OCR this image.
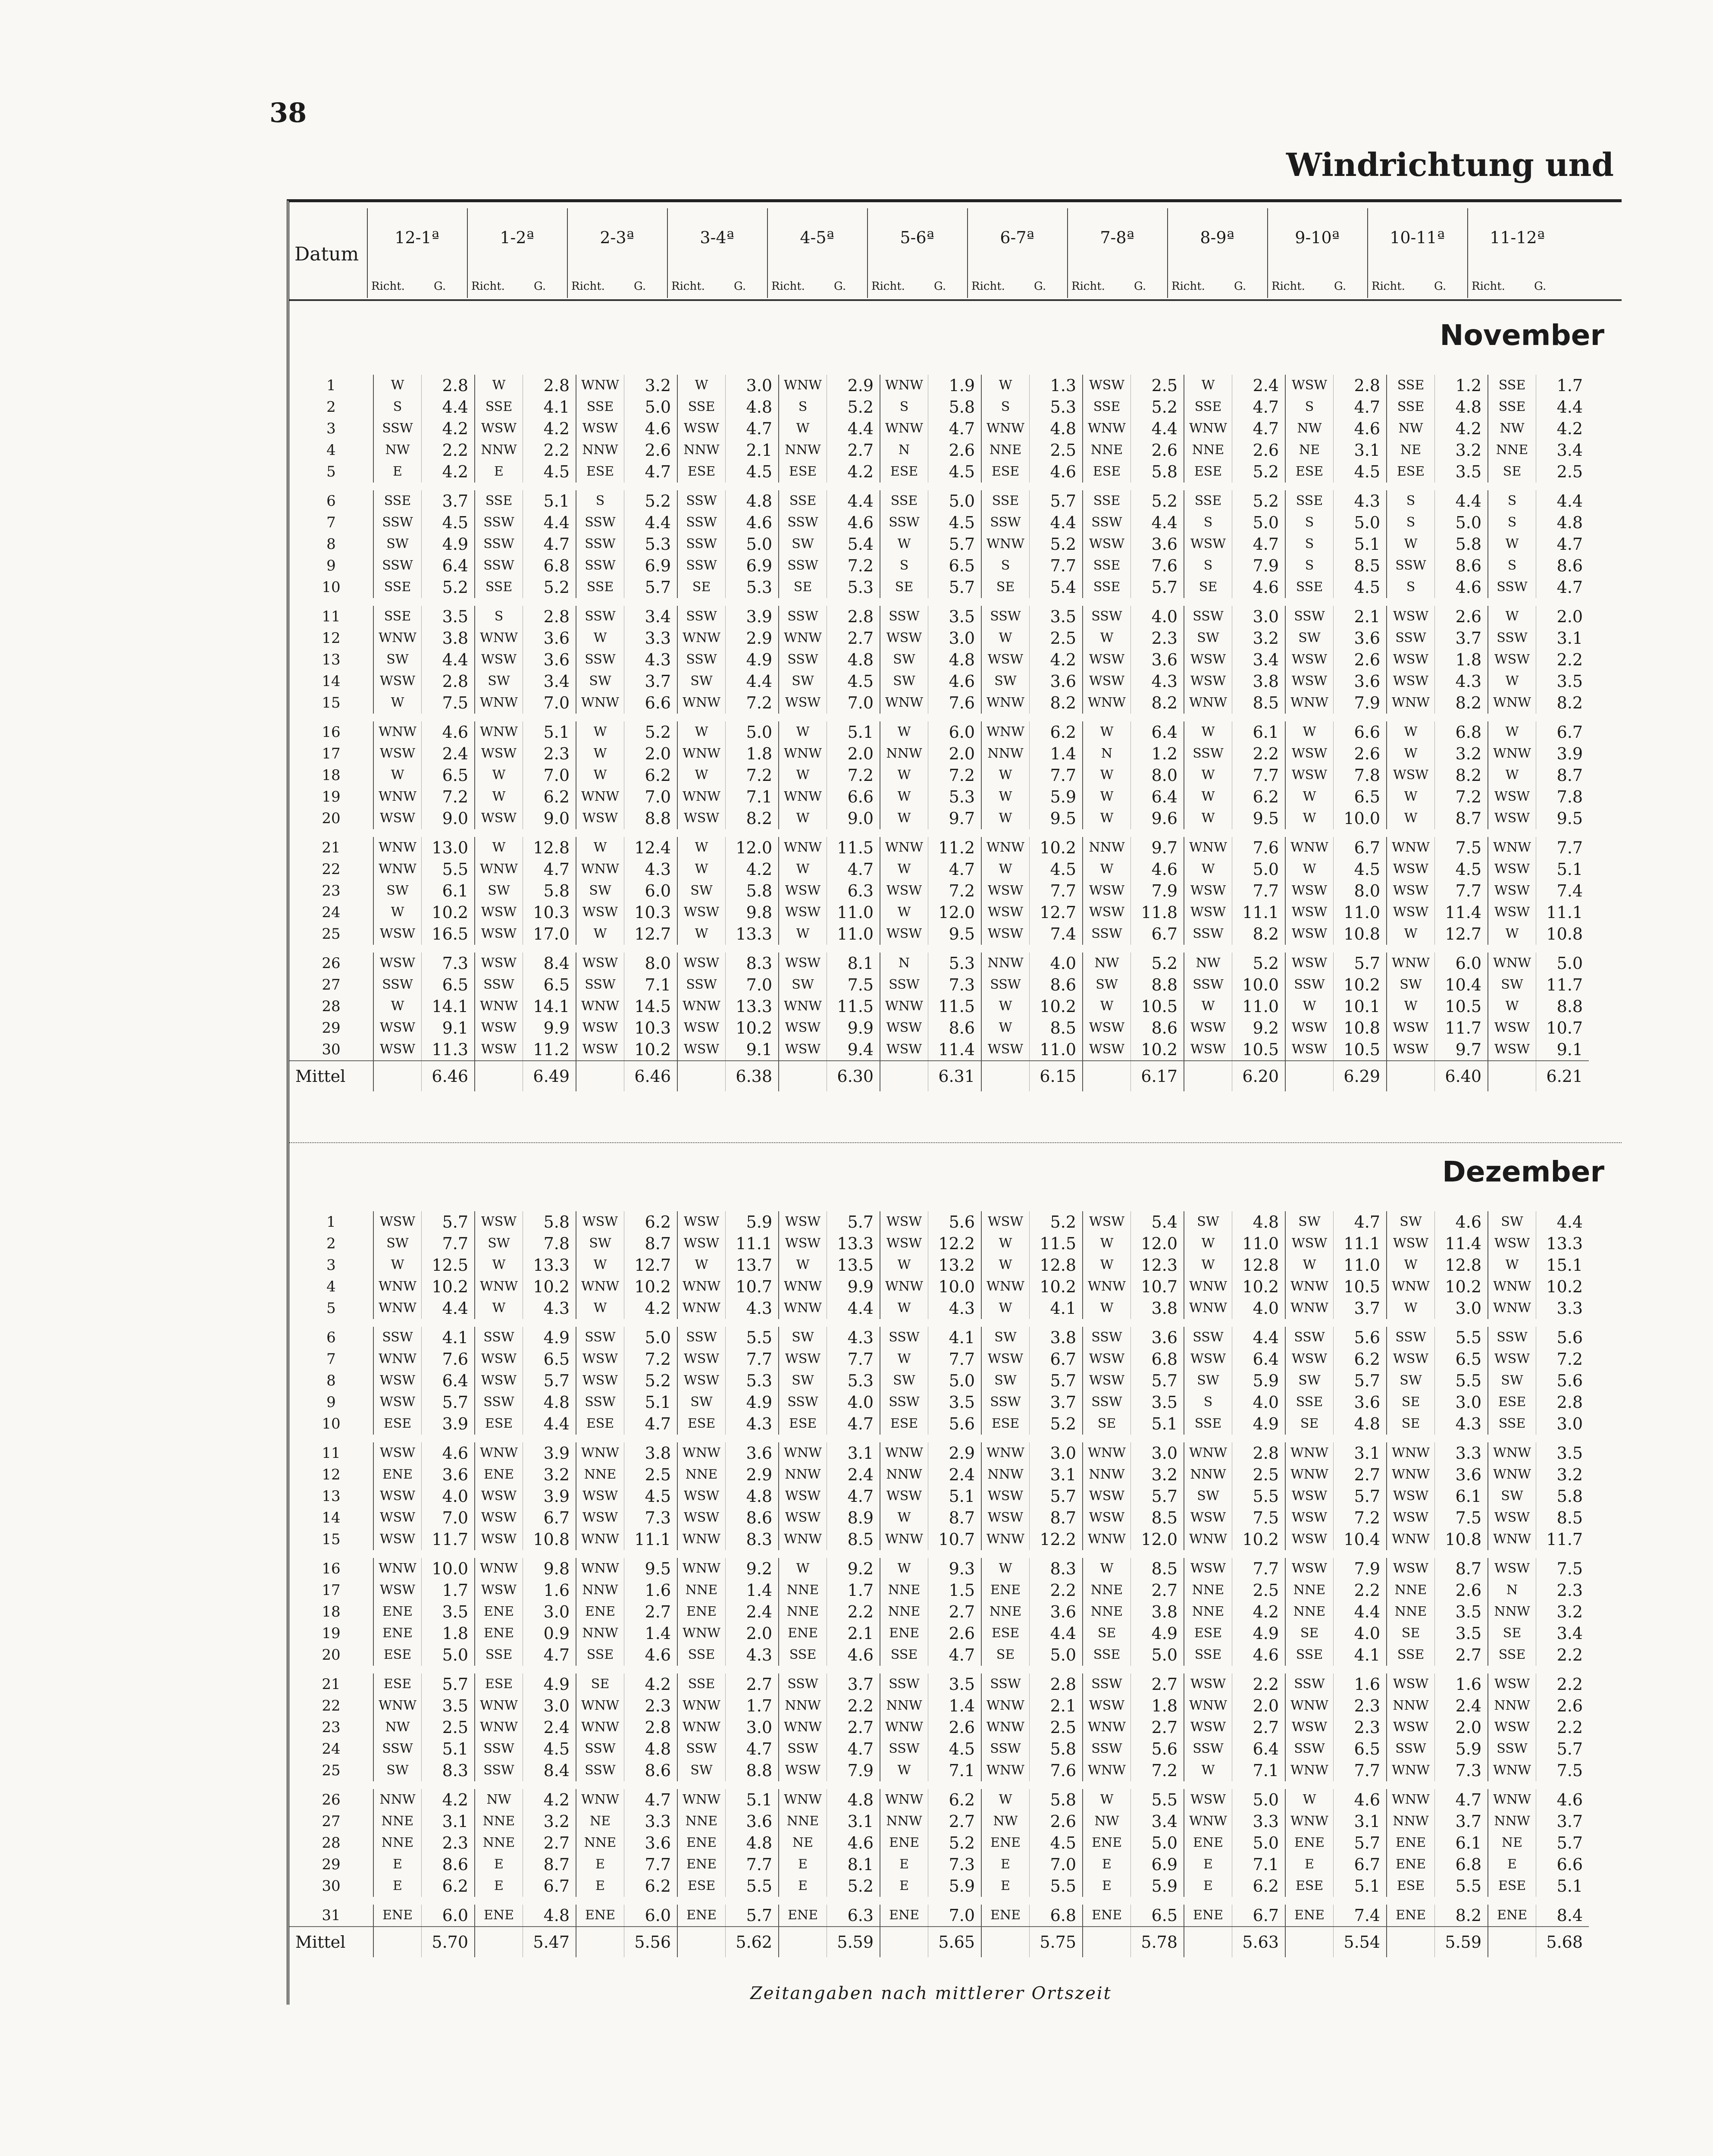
38
Windrichtung und
Datum
12-1ª
Richt.	G.
1-2ª
Richt.	G.
2-3ª
Richt.	G.
3-4ª
Richt.	G.
4-5ª
Richt.	G.
5-6ª
Richt.	G.
6-7ª
Richt.	G.
7-8ª
Richt.	G.
8-9ª
Richt.	G.
9-10ª
Richt.	G.
10-11ª
Richt.	G.
11-12ª
Richt.	G.
November
1	W	2.8	W	2.8	WNW	3.2	W	3.0	WNW	2.9	WNW	1.9	W	1.3	WSW	2.5	W	2.4	WSW	2.8	SSE	1.2	SSE	1.7
2	S	4.4	SSE	4.1	SSE	5.0	SSE	4.8	S	5.2	S	5.8	S	5.3	SSE	5.2	SSE	4.7	S	4.7	SSE	4.8	SSE	4.4
3	SSW	4.2	WSW	4.2	WSW	4.6	WSW	4.7	W	4.4	WNW	4.7	WNW	4.8	WNW	4.4	WNW	4.7	NW	4.6	NW	4.2	NW	4.2
4	NW	2.2	NNW	2.2	NNW	2.6	NNW	2.1	NNW	2.7	N	2.6	NNE	2.5	NNE	2.6	NNE	2.6	NE	3.1	NE	3.2	NNE	3.4
5	E	4.2	E	4.5	ESE	4.7	ESE	4.5	ESE	4.2	ESE	4.5	ESE	4.6	ESE	5.8	ESE	5.2	ESE	4.5	ESE	3.5	SE	2.5
6	SSE	3.7	SSE	5.1	S	5.2	SSW	4.8	SSE	4.4	SSE	5.0	SSE	5.7	SSE	5.2	SSE	5.2	SSE	4.3	S	4.4	S	4.4
7	SSW	4.5	SSW	4.4	SSW	4.4	SSW	4.6	SSW	4.6	SSW	4.5	SSW	4.4	SSW	4.4	S	5.0	S	5.0	S	5.0	S	4.8
8	SW	4.9	SSW	4.7	SSW	5.3	SSW	5.0	SW	5.4	W	5.7	WNW	5.2	WSW	3.6	WSW	4.7	S	5.1	W	5.8	W	4.7
9	SSW	6.4	SSW	6.8	SSW	6.9	SSW	6.9	SSW	7.2	S	6.5	S	7.7	SSE	7.6	S	7.9	S	8.5	SSW	8.6	S	8.6
10	SSE	5.2	SSE	5.2	SSE	5.7	SE	5.3	SE	5.3	SE	5.7	SE	5.4	SSE	5.7	SE	4.6	SSE	4.5	S	4.6	SSW	4.7
11	SSE	3.5	S	2.8	SSW	3.4	SSW	3.9	SSW	2.8	SSW	3.5	SSW	3.5	SSW	4.0	SSW	3.0	SSW	2.1	WSW	2.6	W	2.0
12	WNW	3.8	WNW	3.6	W	3.3	WNW	2.9	WNW	2.7	WSW	3.0	W	2.5	W	2.3	SW	3.2	SW	3.6	SSW	3.7	SSW	3.1
13	SW	4.4	WSW	3.6	SSW	4.3	SSW	4.9	SSW	4.8	SW	4.8	WSW	4.2	WSW	3.6	WSW	3.4	WSW	2.6	WSW	1.8	WSW	2.2
14	WSW	2.8	SW	3.4	SW	3.7	SW	4.4	SW	4.5	SW	4.6	SW	3.6	WSW	4.3	WSW	3.8	WSW	3.6	WSW	4.3	W	3.5
15	W	7.5	WNW	7.0	WNW	6.6	WNW	7.2	WSW	7.0	WNW	7.6	WNW	8.2	WNW	8.2	WNW	8.5	WNW	7.9	WNW	8.2	WNW	8.2
16	WNW	4.6	WNW	5.1	W	5.2	W	5.0	W	5.1	W	6.0	WNW	6.2	W	6.4	W	6.1	W	6.6	W	6.8	W	6.7
17	WSW	2.4	WSW	2.3	W	2.0	WNW	1.8	WNW	2.0	NNW	2.0	NNW	1.4	N	1.2	SSW	2.2	WSW	2.6	W	3.2	WNW	3.9
18	W	6.5	W	7.0	W	6.2	W	7.2	W	7.2	W	7.2	W	7.7	W	8.0	W	7.7	WSW	7.8	WSW	8.2	W	8.7
19	WNW	7.2	W	6.2	WNW	7.0	WNW	7.1	WNW	6.6	W	5.3	W	5.9	W	6.4	W	6.2	W	6.5	W	7.2	WSW	7.8
20	WSW	9.0	WSW	9.0	WSW	8.8	WSW	8.2	W	9.0	W	9.7	W	9.5	W	9.6	W	9.5	W	10.0	W	8.7	WSW	9.5
21	WNW	13.0	W	12.8	W	12.4	W	12.0	WNW	11.5	WNW	11.2	WNW	10.2	NNW	9.7	WNW	7.6	WNW	6.7	WNW	7.5	WNW	7.7
22	WNW	5.5	WNW	4.7	WNW	4.3	W	4.2	W	4.7	W	4.7	W	4.5	W	4.6	W	5.0	W	4.5	WSW	4.5	WSW	5.1
23	SW	6.1	SW	5.8	SW	6.0	SW	5.8	WSW	6.3	WSW	7.2	WSW	7.7	WSW	7.9	WSW	7.7	WSW	8.0	WSW	7.7	WSW	7.4
24	W	10.2	WSW	10.3	WSW	10.3	WSW	9.8	WSW	11.0	W	12.0	WSW	12.7	WSW	11.8	WSW	11.1	WSW	11.0	WSW	11.4	WSW	11.1
25	WSW	16.5	WSW	17.0	W	12.7	W	13.3	W	11.0	WSW	9.5	WSW	7.4	SSW	6.7	SSW	8.2	WSW	10.8	W	12.7	W	10.8
26	WSW	7.3	WSW	8.4	WSW	8.0	WSW	8.3	WSW	8.1	N	5.3	NNW	4.0	NW	5.2	NW	5.2	WSW	5.7	WNW	6.0	WNW	5.0
27	SSW	6.5	SSW	6.5	SSW	7.1	SSW	7.0	SW	7.5	SSW	7.3	SSW	8.6	SW	8.8	SSW	10.0	SSW	10.2	SW	10.4	SW	11.7
28	W	14.1	WNW	14.1	WNW	14.5	WNW	13.3	WNW	11.5	WNW	11.5	W	10.2	W	10.5	W	11.0	W	10.1	W	10.5	W	8.8
29	WSW	9.1	WSW	9.9	WSW	10.3	WSW	10.2	WSW	9.9	WSW	8.6	W	8.5	WSW	8.6	WSW	9.2	WSW	10.8	WSW	11.7	WSW	10.7
30	WSW	11.3	WSW	11.2	WSW	10.2	WSW	9.1	WSW	9.4	WSW	11.4	WSW	11.0	WSW	10.2	WSW	10.5	WSW	10.5	WSW	9.7	WSW	9.1
Mittel		6.46		6.49		6.46		6.38		6.30		6.31		6.15		6.17		6.20		6.29		6.40		6.21
Dezember
1	WSW	5.7	WSW	5.8	WSW	6.2	WSW	5.9	WSW	5.7	WSW	5.6	WSW	5.2	WSW	5.4	SW	4.8	SW	4.7	SW	4.6	SW	4.4
2	SW	7.7	SW	7.8	SW	8.7	WSW	11.1	WSW	13.3	WSW	12.2	W	11.5	W	12.0	W	11.0	WSW	11.1	WSW	11.4	WSW	13.3
3	W	12.5	W	13.3	W	12.7	W	13.7	W	13.5	W	13.2	W	12.8	W	12.3	W	12.8	W	11.0	W	12.8	W	15.1
4	WNW	10.2	WNW	10.2	WNW	10.2	WNW	10.7	WNW	9.9	WNW	10.0	WNW	10.2	WNW	10.7	WNW	10.2	WNW	10.5	WNW	10.2	WNW	10.2
5	WNW	4.4	W	4.3	W	4.2	WNW	4.3	WNW	4.4	W	4.3	W	4.1	W	3.8	WNW	4.0	WNW	3.7	W	3.0	WNW	3.3
6	SSW	4.1	SSW	4.9	SSW	5.0	SSW	5.5	SW	4.3	SSW	4.1	SW	3.8	SSW	3.6	SSW	4.4	SSW	5.6	SSW	5.5	SSW	5.6
7	WNW	7.6	WSW	6.5	WSW	7.2	WSW	7.7	WSW	7.7	W	7.7	WSW	6.7	WSW	6.8	WSW	6.4	WSW	6.2	WSW	6.5	WSW	7.2
8	WSW	6.4	WSW	5.7	WSW	5.2	WSW	5.3	SW	5.3	SW	5.0	SW	5.7	WSW	5.7	SW	5.9	SW	5.7	SW	5.5	SW	5.6
9	WSW	5.7	SSW	4.8	SSW	5.1	SW	4.9	SSW	4.0	SSW	3.5	SSW	3.7	SSW	3.5	S	4.0	SSE	3.6	SE	3.0	ESE	2.8
10	ESE	3.9	ESE	4.4	ESE	4.7	ESE	4.3	ESE	4.7	ESE	5.6	ESE	5.2	SE	5.1	SSE	4.9	SE	4.8	SE	4.3	SSE	3.0
11	WSW	4.6	WNW	3.9	WNW	3.8	WNW	3.6	WNW	3.1	WNW	2.9	WNW	3.0	WNW	3.0	WNW	2.8	WNW	3.1	WNW	3.3	WNW	3.5
12	ENE	3.6	ENE	3.2	NNE	2.5	NNE	2.9	NNW	2.4	NNW	2.4	NNW	3.1	NNW	3.2	NNW	2.5	WNW	2.7	WNW	3.6	WNW	3.2
13	WSW	4.0	WSW	3.9	WSW	4.5	WSW	4.8	WSW	4.7	WSW	5.1	WSW	5.7	WSW	5.7	SW	5.5	WSW	5.7	WSW	6.1	SW	5.8
14	WSW	7.0	WSW	6.7	WSW	7.3	WSW	8.6	WSW	8.9	W	8.7	WSW	8.7	WSW	8.5	WSW	7.5	WSW	7.2	WSW	7.5	WSW	8.5
15	WSW	11.7	WSW	10.8	WNW	11.1	WNW	8.3	WNW	8.5	WNW	10.7	WNW	12.2	WNW	12.0	WNW	10.2	WSW	10.4	WNW	10.8	WNW	11.7
16	WNW	10.0	WNW	9.8	WNW	9.5	WNW	9.2	W	9.2	W	9.3	W	8.3	W	8.5	WSW	7.7	WSW	7.9	WSW	8.7	WSW	7.5
17	WSW	1.7	WSW	1.6	NNW	1.6	NNE	1.4	NNE	1.7	NNE	1.5	ENE	2.2	NNE	2.7	NNE	2.5	NNE	2.2	NNE	2.6	N	2.3
18	ENE	3.5	ENE	3.0	ENE	2.7	ENE	2.4	NNE	2.2	NNE	2.7	NNE	3.6	NNE	3.8	NNE	4.2	NNE	4.4	NNE	3.5	NNW	3.2
19	ENE	1.8	ENE	0.9	NNW	1.4	WNW	2.0	ENE	2.1	ENE	2.6	ESE	4.4	SE	4.9	ESE	4.9	SE	4.0	SE	3.5	SE	3.4
20	ESE	5.0	SSE	4.7	SSE	4.6	SSE	4.3	SSE	4.6	SSE	4.7	SE	5.0	SSE	5.0	SSE	4.6	SSE	4.1	SSE	2.7	SSE	2.2
21	ESE	5.7	ESE	4.9	SE	4.2	SSE	2.7	SSW	3.7	SSW	3.5	SSW	2.8	SSW	2.7	WSW	2.2	SSW	1.6	WSW	1.6	WSW	2.2
22	WNW	3.5	WNW	3.0	WNW	2.3	WNW	1.7	NNW	2.2	NNW	1.4	WNW	2.1	WSW	1.8	WNW	2.0	WNW	2.3	NNW	2.4	NNW	2.6
23	NW	2.5	WNW	2.4	WNW	2.8	WNW	3.0	WNW	2.7	WNW	2.6	WNW	2.5	WNW	2.7	WSW	2.7	WSW	2.3	WSW	2.0	WSW	2.2
24	SSW	5.1	SSW	4.5	SSW	4.8	SSW	4.7	SSW	4.7	SSW	4.5	SSW	5.8	SSW	5.6	SSW	6.4	SSW	6.5	SSW	5.9	SSW	5.7
25	SW	8.3	SSW	8.4	SSW	8.6	SW	8.8	WSW	7.9	W	7.1	WNW	7.6	WNW	7.2	W	7.1	WNW	7.7	WNW	7.3	WNW	7.5
26	NNW	4.2	NW	4.2	WNW	4.7	WNW	5.1	WNW	4.8	WNW	6.2	W	5.8	W	5.5	WSW	5.0	W	4.6	WNW	4.7	WNW	4.6
27	NNE	3.1	NNE	3.2	NE	3.3	NNE	3.6	NNE	3.1	NNW	2.7	NW	2.6	NW	3.4	WNW	3.3	WNW	3.1	NNW	3.7	NNW	3.7
28	NNE	2.3	NNE	2.7	NNE	3.6	ENE	4.8	NE	4.6	ENE	5.2	ENE	4.5	ENE	5.0	ENE	5.0	ENE	5.7	ENE	6.1	NE	5.7
29	E	8.6	E	8.7	E	7.7	ENE	7.7	E	8.1	E	7.3	E	7.0	E	6.9	E	7.1	E	6.7	ENE	6.8	E	6.6
30	E	6.2	E	6.7	E	6.2	ESE	5.5	E	5.2	E	5.9	E	5.5	E	5.9	E	6.2	ESE	5.1	ESE	5.5	ESE	5.1
31	ENE	6.0	ENE	4.8	ENE	6.0	ENE	5.7	ENE	6.3	ENE	7.0	ENE	6.8	ENE	6.5	ENE	6.7	ENE	7.4	ENE	8.2	ENE	8.4
Mittel		5.70		5.47		5.56		5.62		5.59		5.65		5.75		5.78		5.63		5.54		5.59		5.68
Zeitangaben nach mittlerer Ortszeit
